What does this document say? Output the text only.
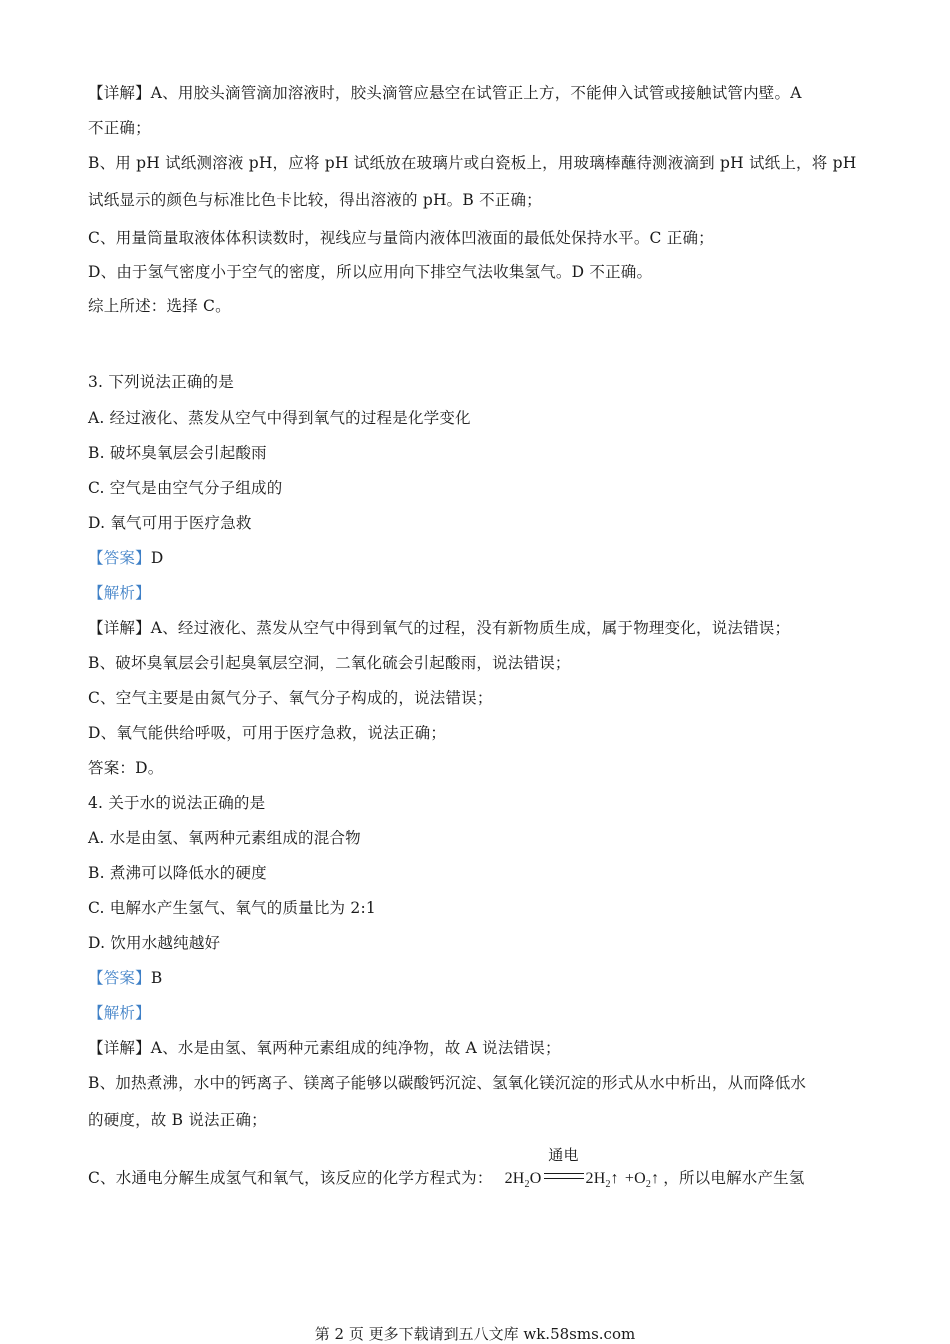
【详解】A、用胶头滴管滴加溶液时，胶头滴管应悬空在试管正上方，不能伸入试管或接触试管内壁。A
不正确；
B、用 pH 试纸测溶液 pH，应将 pH 试纸放在玻璃片或白瓷板上，用玻璃棒蘸待测液滴到 pH 试纸上，将 pH
试纸显示的颜色与标准比色卡比较，得出溶液的 pH。B 不正确；
C、用量筒量取液体体积读数时，视线应与量筒内液体凹液面的最低处保持水平。C 正确；
D、由于氢气密度小于空气的密度，所以应用向下排空气法收集氢气。D 不正确。
综上所述：选择 C。
3. 下列说法正确的是
A. 经过液化、蒸发从空气中得到氧气的过程是化学变化
B. 破坏臭氧层会引起酸雨
C. 空气是由空气分子组成的
D. 氧气可用于医疗急救
【答案】D
【解析】
【详解】A、经过液化、蒸发从空气中得到氧气的过程，没有新物质生成，属于物理变化，说法错误；
B、破坏臭氧层会引起臭氧层空洞，二氧化硫会引起酸雨，说法错误；
C、空气主要是由氮气分子、氧气分子构成的，说法错误；
D、氧气能供给呼吸，可用于医疗急救，说法正确；
答案：D。
4. 关于水的说法正确的是
A. 水是由氢、氧两种元素组成的混合物
B. 煮沸可以降低水的硬度
C. 电解水产生氢气、氧气的质量比为 2:1
D. 饮用水越纯越好
【答案】B
【解析】
【详解】A、水是由氢、氧两种元素组成的纯净物，故 A 说法错误；
B、加热煮沸，水中的钙离子、镁离子能够以碳酸钙沉淀、氢氧化镁沉淀的形式从水中析出，从而降低水
的硬度，故 B 说法正确；
C、水通电分解生成氢气和氧气，该反应的化学方程式为： $2H_2O$
通电
$2H_2↑$ $+O_2↑$ ，所以电解水产生氢
第 2 页 更多下载请到五八文库 wk.58sms.com
